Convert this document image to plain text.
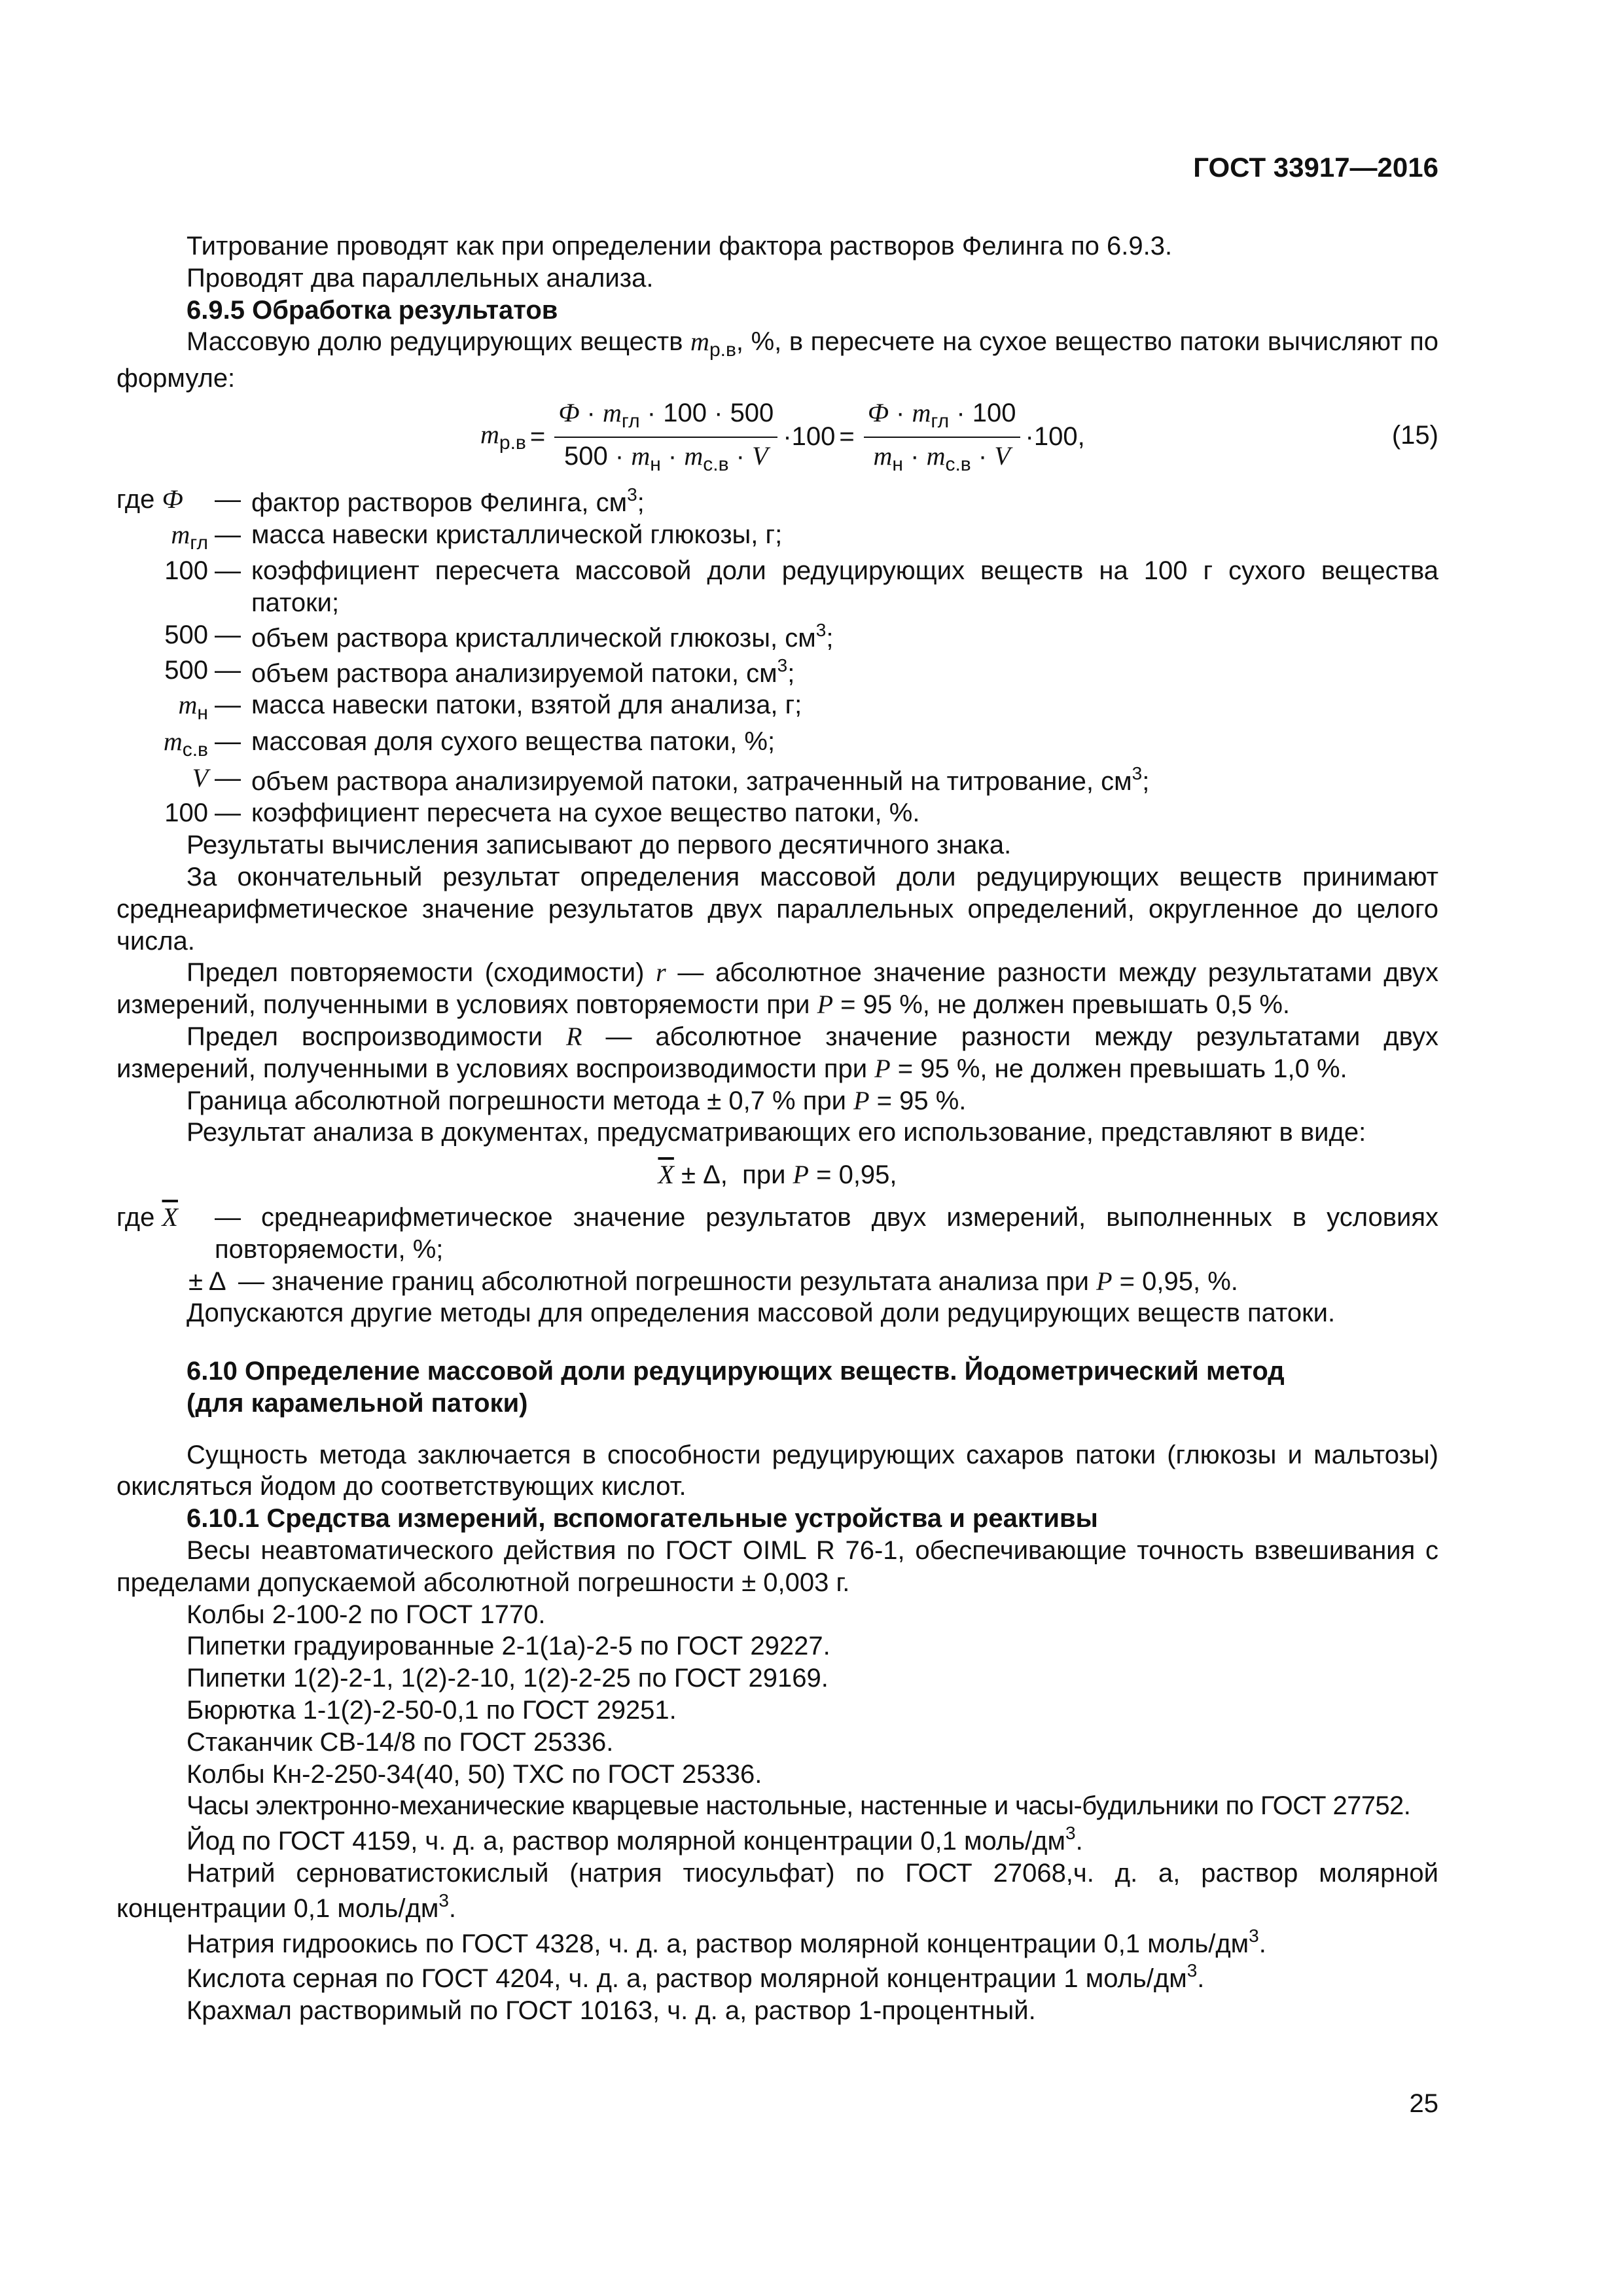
ГОСТ 33917—2016

Титрование проводят как при определении фактора растворов Фелинга по 6.9.3.

Проводят два параллельных анализа.

6.9.5 Обработка результатов

Массовую долю редуцирующих веществ $m_{р.в}$, %, в пересчете на сухое вещество патоки вычисляют по формуле:

$m_{р.в} = \frac{Ф \cdot m_{гл} \cdot 100 \cdot 500}{500 \cdot m_н \cdot m_{с.в} \cdot V} \cdot 100 = \frac{Ф \cdot m_{гл} \cdot 100}{m_н \cdot m_{с.в} \cdot V} \cdot 100$,	(15)
где Ф	— фактор растворов Фелинга, $см^3$;
$m_{гл}$ — масса навески кристаллической глюкозы, г;
100 — коэффициент пересчета массовой доли редуцирующих веществ на 100 г сухого вещества патоки;
500 — объем раствора кристаллической глюкозы, $см^3$;
500 — объем раствора анализируемой патоки, $см^3$;
$m_н$ — масса навески патоки, взятой для анализа, г;
$m_{с.в}$ — массовая доля сухого вещества патоки, %;
V — объем раствора анализируемой патоки, затраченный на титрование, $см^3$;
100 — коэффициент пересчета на сухое вещество патоки, %.

Результаты вычисления записывают до первого десятичного знака.

За окончательный результат определения массовой доли редуцирующих веществ принимают среднеарифметическое значение результатов двух параллельных определений, округленное до целого числа.

Предел повторяемости (сходимости) r — абсолютное значение разности между результатами двух измерений, полученными в условиях повторяемости при P = 95 %, не должен превышать 0,5 %.

Предел воспроизводимости R — абсолютное значение разности между результатами двух измерений, полученными в условиях воспроизводимости при P = 95 %, не должен превышать 1,0 %.

Граница абсолютной погрешности метода ± 0,7 % при P = 95 %.

Результат анализа в документах, предусматривающих его использование, представляют в виде:

$\overline{X} \pm \Delta$, при P = 0,95,
где $\overline{X}$	— среднеарифметическое значение результатов двух измерений, выполненных в условиях повторяемости, %;
± Δ — значение границ абсолютной погрешности результата анализа при P = 0,95, %.

Допускаются другие методы для определения массовой доли редуцирующих веществ патоки.

6.10 Определение массовой доли редуцирующих веществ. Йодометрический метод

(для карамельной патоки)

Сущность метода заключается в способности редуцирующих сахаров патоки (глюкозы и мальтозы) окисляться йодом до соответствующих кислот.

6.10.1 Средства измерений, вспомогательные устройства и реактивы

Весы неавтоматического действия по ГОСТ OIML R 76-1, обеспечивающие точность взвешивания с пределами допускаемой абсолютной погрешности ± 0,003 г.

Колбы 2-100-2 по ГОСТ 1770.

Пипетки градуированные 2-1(1а)-2-5 по ГОСТ 29227.

Пипетки 1(2)-2-1, 1(2)-2-10, 1(2)-2-25 по ГОСТ 29169.

Бюрютка 1-1(2)-2-50-0,1 по ГОСТ 29251.

Стаканчик СВ-14/8 по ГОСТ 25336.

Колбы Кн-2-250-34(40, 50) ТХС по ГОСТ 25336.

Часы электронно-механические кварцевые настольные, настенные и часы-будильники по ГОСТ 27752.

Йод по ГОСТ 4159, ч. д. а, раствор молярной концентрации 0,1 моль/$дм^3$.

Натрий серноватистокислый (натрия тиосульфат) по ГОСТ 27068,ч. д. а, раствор молярной концентрации 0,1 моль/$дм^3$.

Натрия гидроокись по ГОСТ 4328, ч. д. а, раствор молярной концентрации 0,1 моль/$дм^3$.

Кислота серная по ГОСТ 4204, ч. д. а, раствор молярной концентрации 1 моль/$дм^3$.

Крахмал растворимый по ГОСТ 10163, ч. д. а, раствор 1-процентный.

25
